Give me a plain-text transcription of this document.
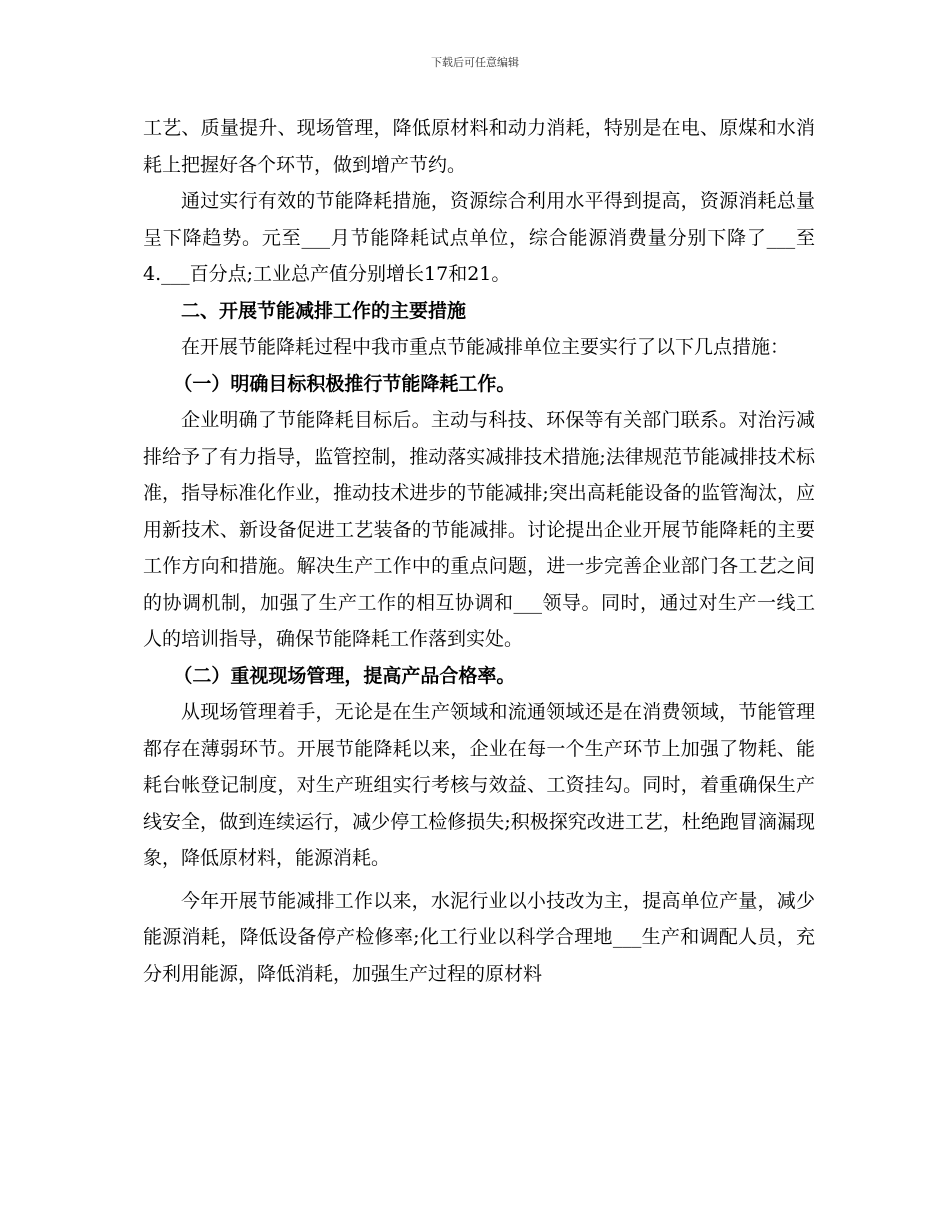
下载后可任意编辑

工艺、质量提升、现场管理，降低原材料和动力消耗，特别是在电、原煤和水消耗上把握好各个环节，做到增产节约。

通过实行有效的节能降耗措施，资源综合利用水平得到提高，资源消耗总量呈下降趋势。元至___月节能降耗试点单位，综合能源消费量分别下降了___至4.___百分点;工业总产值分别增长17和21。

二、开展节能减排工作的主要措施

在开展节能降耗过程中我市重点节能减排单位主要实行了以下几点措施：

（一）明确目标积极推行节能降耗工作。

企业明确了节能降耗目标后。主动与科技、环保等有关部门联系。对治污减排给予了有力指导，监管控制，推动落实减排技术措施;法律规范节能减排技术标准，指导标准化作业，推动技术进步的节能减排;突出高耗能设备的监管淘汰，应用新技术、新设备促进工艺装备的节能减排。讨论提出企业开展节能降耗的主要工作方向和措施。解决生产工作中的重点问题，进一步完善企业部门各工艺之间的协调机制，加强了生产工作的相互协调和___领导。同时，通过对生产一线工人的培训指导，确保节能降耗工作落到实处。

（二）重视现场管理，提高产品合格率。

从现场管理着手，无论是在生产领域和流通领域还是在消费领域，节能管理都存在薄弱环节。开展节能降耗以来，企业在每一个生产环节上加强了物耗、能耗台帐登记制度，对生产班组实行考核与效益、工资挂勾。同时，着重确保生产线安全，做到连续运行，减少停工检修损失;积极探究改进工艺，杜绝跑冒滴漏现象，降低原材料，能源消耗。

今年开展节能减排工作以来，水泥行业以小技改为主，提高单位产量，减少能源消耗，降低设备停产检修率;化工行业以科学合理地___生产和调配人员，充分利用能源，降低消耗，加强生产过程的原材料
